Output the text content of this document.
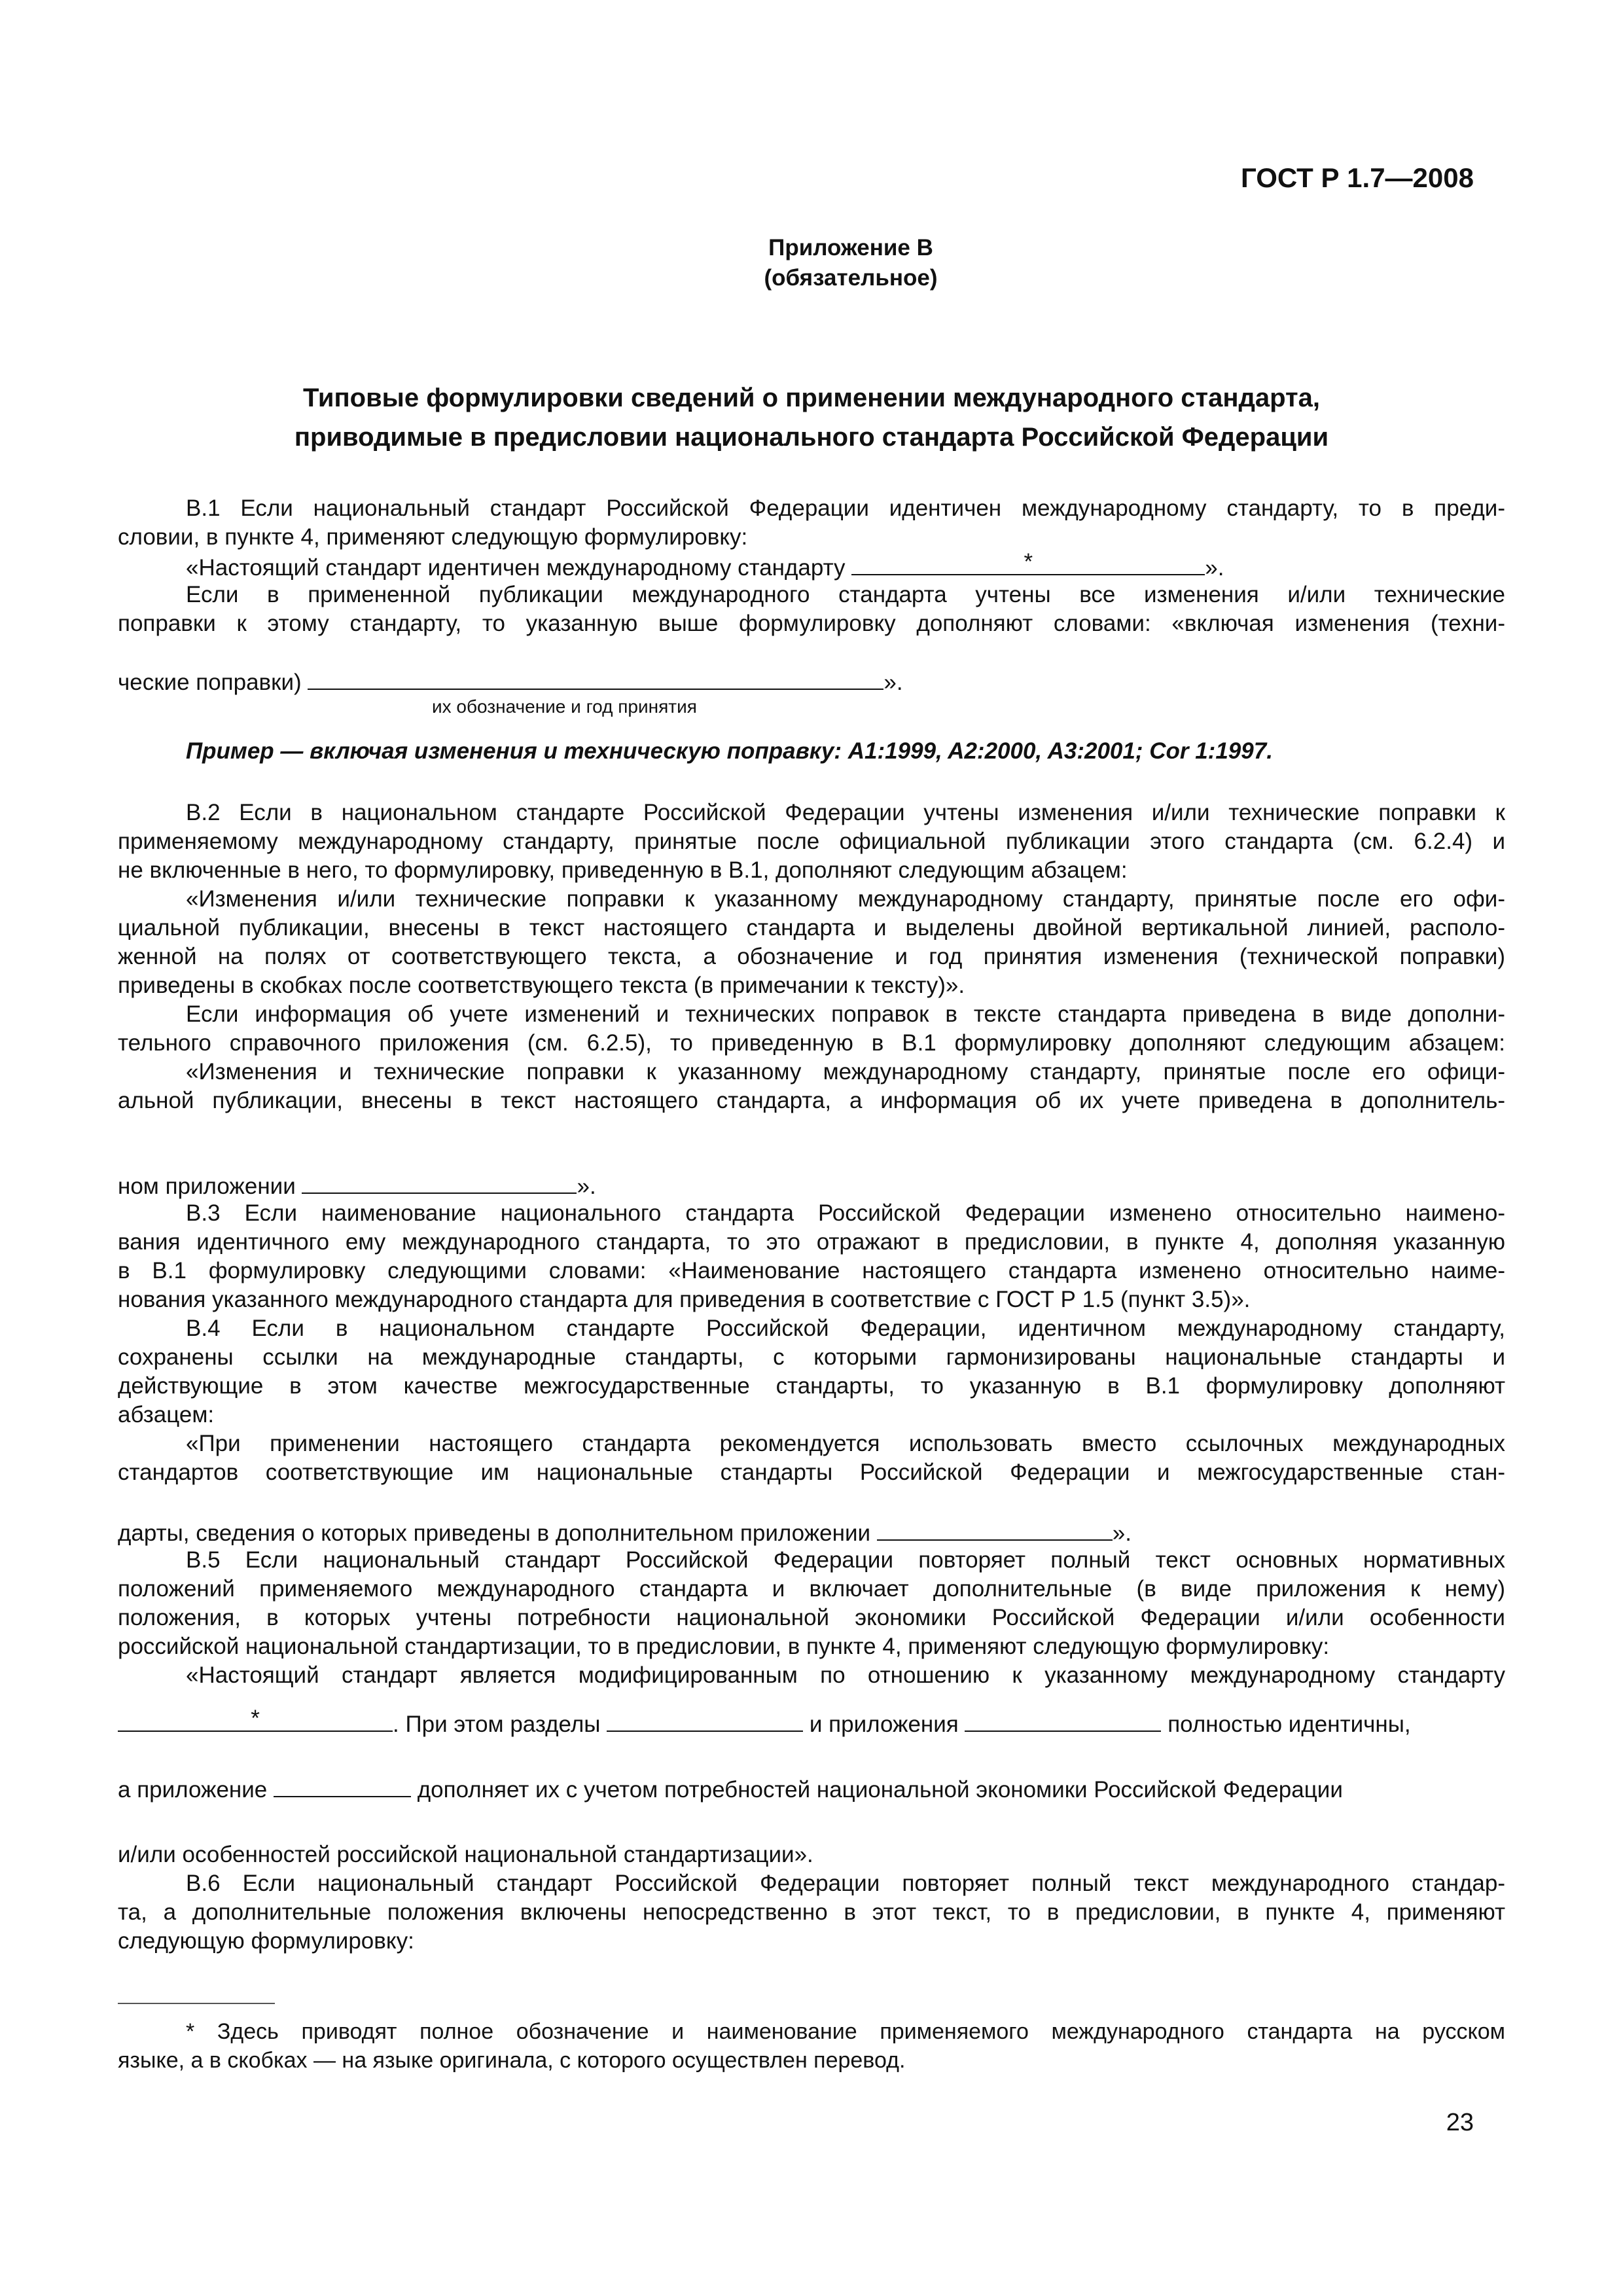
ГОСТ Р 1.7—2008
Приложение В
(обязательное)
Типовые формулировки сведений о применении международного стандарта,
приводимые в предисловии национального стандарта Российской Федерации
В.1 Если национальный стандарт Российской Федерации идентичен международному стандарту, то в преди-
словии, в пункте 4, применяют следующую формулировку:
«Настоящий стандарт идентичен международному стандарту	*	».
Если в примененной публикации международного стандарта учтены все изменения и/или технические
поправки к этому стандарту, то указанную выше формулировку дополняют словами: «включая изменения (техни-
ческие поправки)	».
их обозначение и год принятия
Пример — включая изменения и техническую поправку: A1:1999, A2:2000, A3:2001; Cor 1:1997.
В.2 Если в национальном стандарте Российской Федерации учтены изменения и/или технические поправки к
применяемому международному стандарту, принятые после официальной публикации этого стандарта (см. 6.2.4) и
не включенные в него, то формулировку, приведенную в В.1, дополняют следующим абзацем:
«Изменения и/или технические поправки к указанному международному стандарту, принятые после его офи-
циальной публикации, внесены в текст настоящего стандарта и выделены двойной вертикальной линией, располо-
женной на полях от соответствующего текста, а обозначение и год принятия изменения (технической поправки)
приведены в скобках после соответствующего текста (в примечании к тексту)».
Если информация об учете изменений и технических поправок в тексте стандарта приведена в виде дополни-
тельного справочного приложения (см. 6.2.5), то приведенную в В.1 формулировку дополняют следующим абзацем:
«Изменения и технические поправки к указанному международному стандарту, принятые после его офици-
альной публикации, внесены в текст настоящего стандарта, а информация об их учете приведена в дополнитель-
ном приложении	».
В.3 Если наименование национального стандарта Российской Федерации изменено относительно наимено-
вания идентичного ему международного стандарта, то это отражают в предисловии, в пункте 4, дополняя указанную
в В.1 формулировку следующими словами: «Наименование настоящего стандарта изменено относительно наиме-
нования указанного международного стандарта для приведения в соответствие с ГОСТ Р 1.5 (пункт 3.5)».
В.4 Если в национальном стандарте Российской Федерации, идентичном международному стандарту,
сохранены ссылки на международные стандарты, с которыми гармонизированы национальные стандарты и
действующие в этом качестве межгосударственные стандарты, то указанную в В.1 формулировку дополняют
абзацем:
«При применении настоящего стандарта рекомендуется использовать вместо ссылочных международных
стандартов соответствующие им национальные стандарты Российской Федерации и межгосударственные стан-
дарты, сведения о которых приведены в дополнительном приложении	».
В.5 Если национальный стандарт Российской Федерации повторяет полный текст основных нормативных
положений применяемого международного стандарта и включает дополнительные (в виде приложения к нему)
положения, в которых учтены потребности национальной экономики Российской Федерации и/или особенности
российской национальной стандартизации, то в предисловии, в пункте 4, применяют следующую формулировку:
«Настоящий стандарт является модифицированным по отношению к указанному международному стандарту
*	. При этом разделы	и приложения	полностью идентичны,
а приложение	дополняет их с учетом потребностей национальной экономики Российской Федерации
и/или особенностей российской национальной стандартизации».
В.6 Если национальный стандарт Российской Федерации повторяет полный текст международного стандар-
та, а дополнительные положения включены непосредственно в этот текст, то в предисловии, в пункте 4, применяют
следующую формулировку:
* Здесь приводят полное обозначение и наименование применяемого международного стандарта на русском
языке, а в скобках — на языке оригинала, с которого осуществлен перевод.
23
